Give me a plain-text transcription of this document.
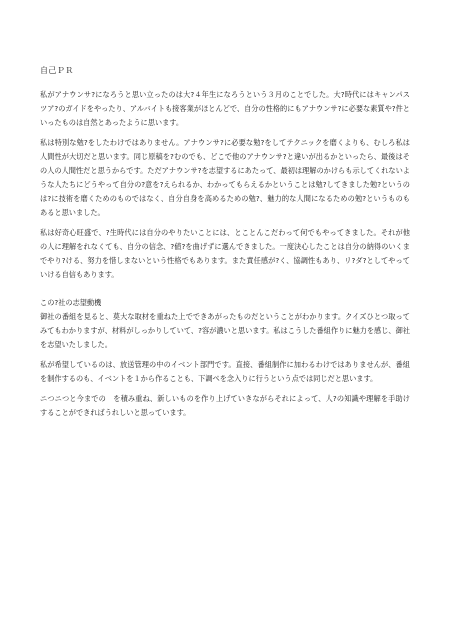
自己ＰＲ

私がアナウンサ?になろうと思い立ったのは大?４年生になろうという３月のことでした。大?時代にはキャンパスツア?のガイドをやったり、アルバイトも接客業がほとんどで、自分の性格的にもアナウンサ?に必要な素質や?件といったものは自然とあったように思います。

私は特別な勉?をしたわけではありません。アナウンサ?に必要な勉?をしてテクニックを磨くよりも、むしろ私は人間性が大切だと思います。同じ原稿を?むのでも、どこで他のアナウンサ?と違いが出るかといったら、最後はその人の人間性だと思うからです。ただアナウンサ?を志望するにあたって、最初は理解のかけらも示してくれないような人たちにどうやって自分の?意を?えられるか、わかってもらえるかということは勉?してきました勉?というのは?に技術を磨くためのものではなく、自分自身を高めるための勉?、魅力的な人間になるための勉?というものもあると思いました。

私は好奇心旺盛で、?生時代には自分のやりたいことには、とことんこだわって何でもやってきました。それが他の人に理解をれなくても、自分の信念、?値?を曲げずに選んできました。一度決心したことは自分の納得のいくまでやり?ける、努力を惜しまないという性格でもあります。また責任感が?く、協調性もあり、リ?ダ?としてやっていける自信もあります。

この?社の志望動機

御社の番組を見ると、莫大な取材を重ねた上でできあがったものだということがわかります。クイズひとつ取ってみてもわかりますが、材料がしっかりしていて、?容が濃いと思います。私はこうした番組作りに魅力を感じ、御社を志望いたしました。

私が希望しているのは、放送管理の中のイベント部門です。直接、番組制作に加わるわけではありませんが、番組を制作するのも、イベントを１から作ることも、下調べを念入りに行うという点では同じだと思います。

ニつニつと今までの　を積み重ね、新しいものを作り上げていきながらそれによって、人?の知識や理解を手助けすることができればうれしいと思っています。
